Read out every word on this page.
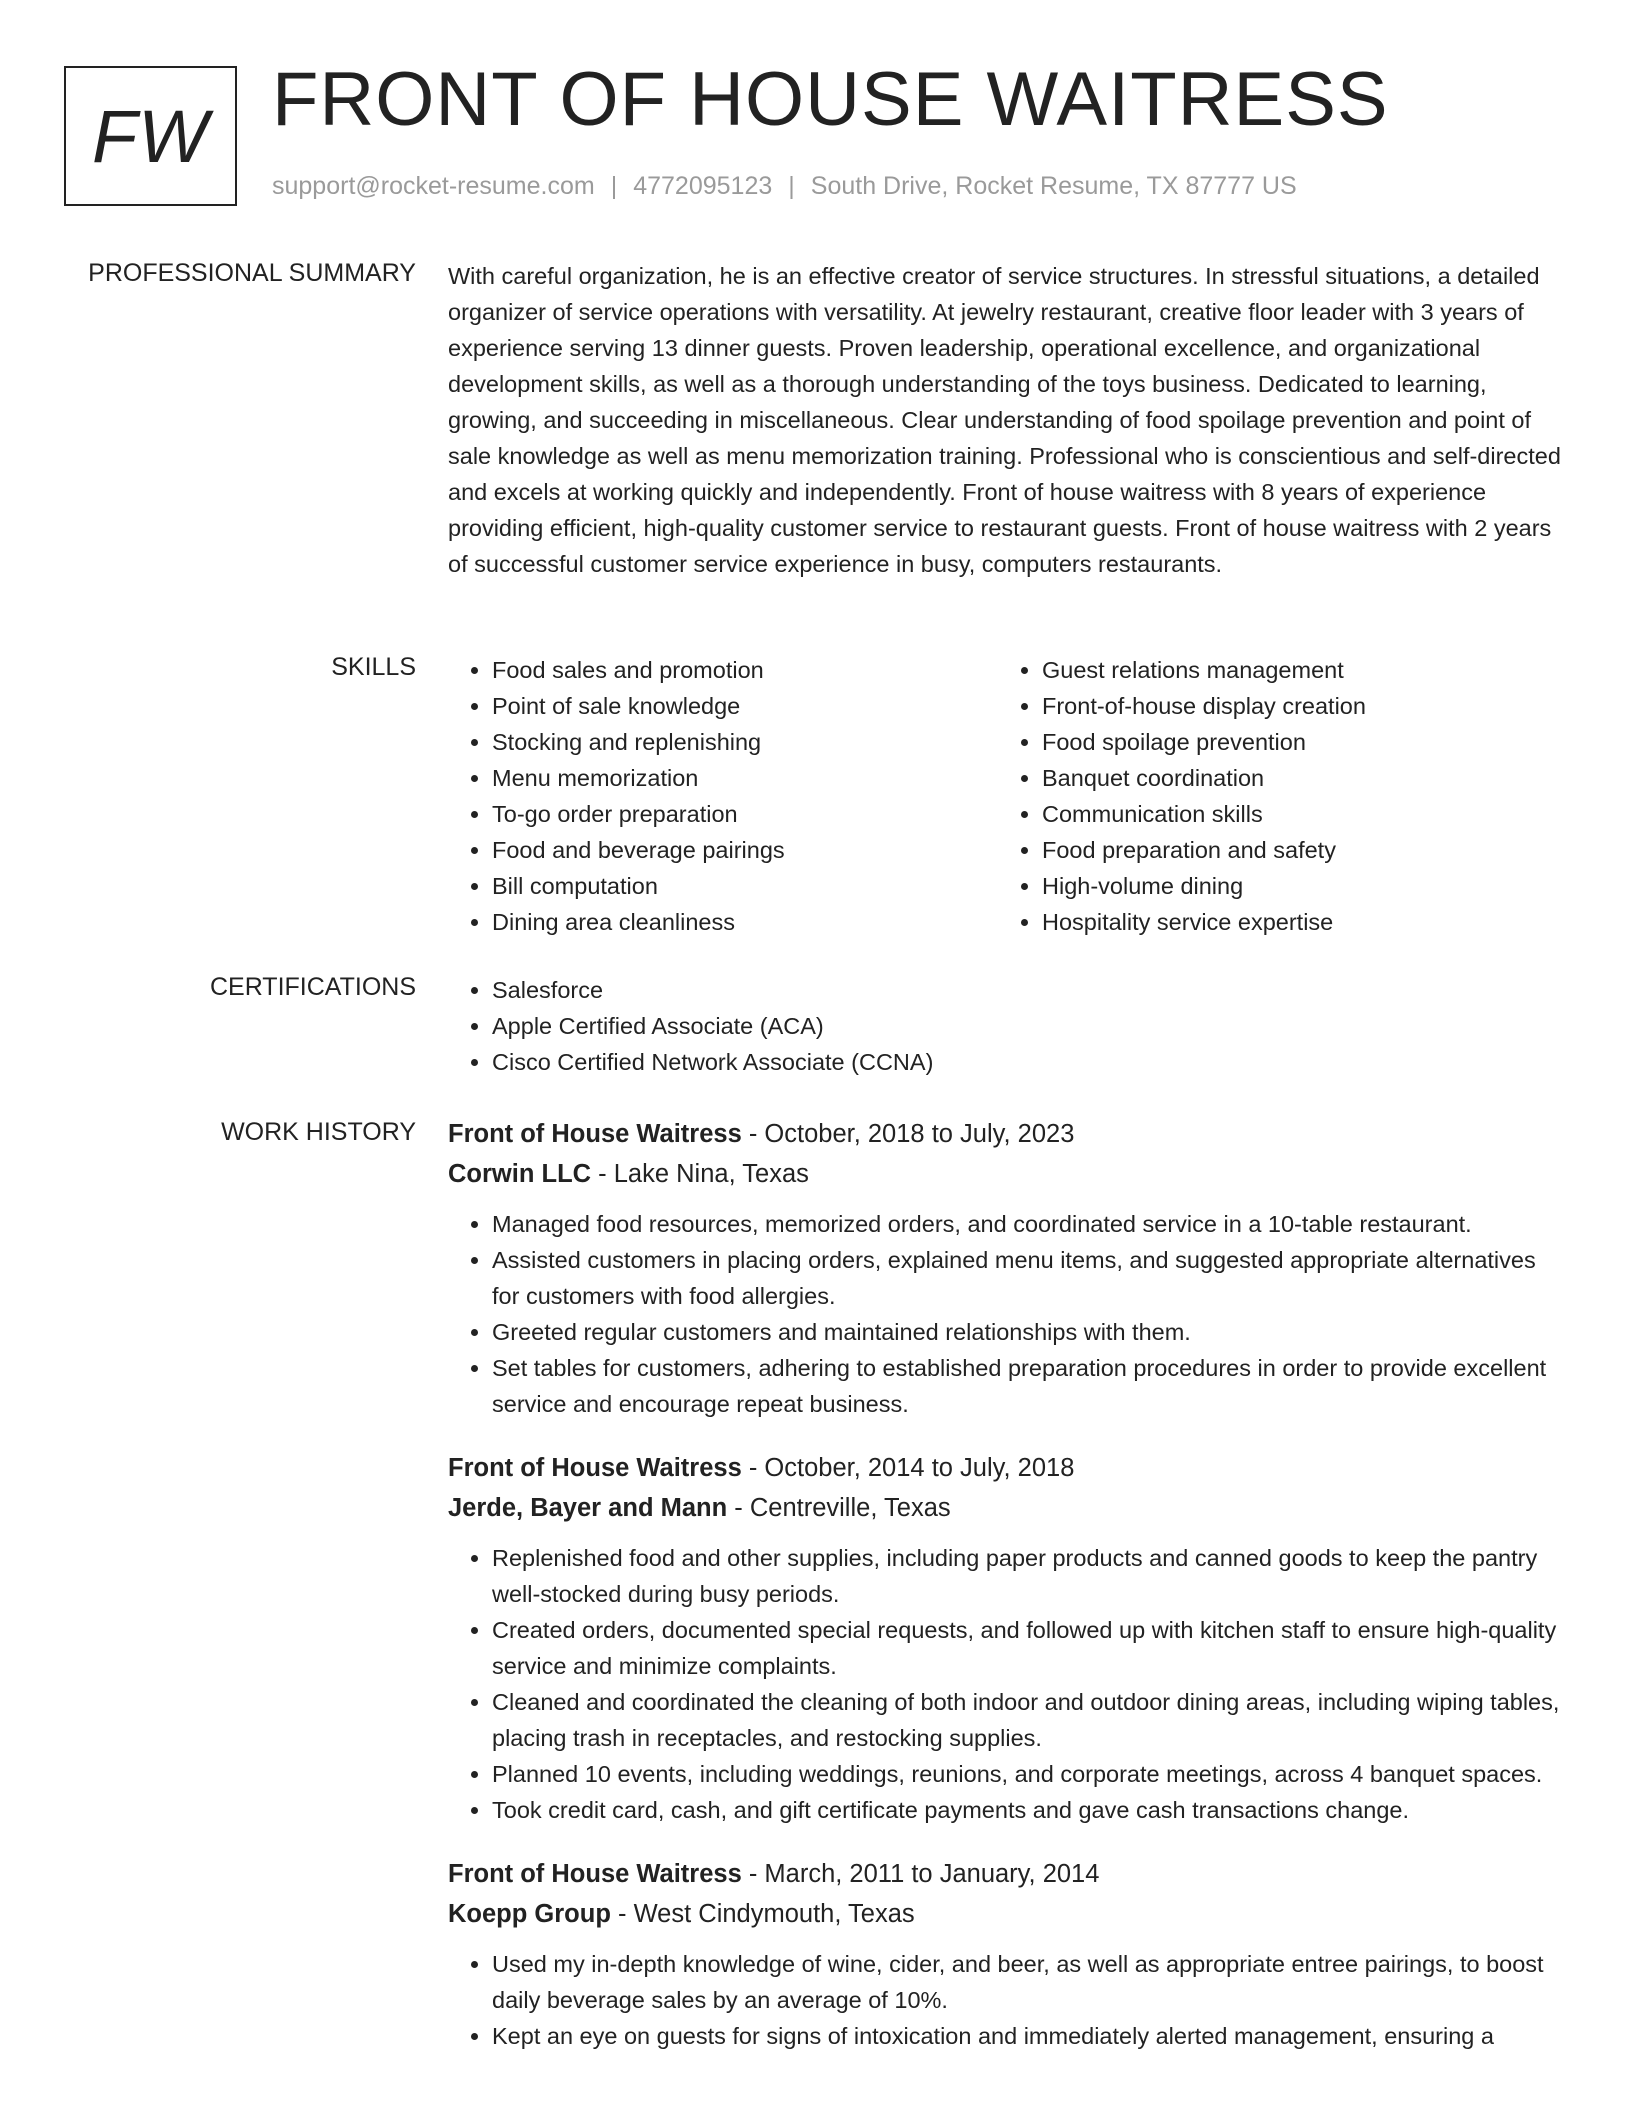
FW FRONT OF HOUSE WAITRESS
support@rocket-resume.com | 4772095123 | South Drive, Rocket Resume, TX 87777 US
PROFESSIONAL SUMMARY With careful organization, he is an effective creator of service structures. In stressful situations, a detailed organizer of service operations with versatility. At jewelry restaurant, creative floor leader with 3 years of experience serving 13 dinner guests. Proven leadership, operational excellence, and organizational development skills, as well as a thorough understanding of the toys business. Dedicated to learning, growing, and succeeding in miscellaneous. Clear understanding of food spoilage prevention and point of sale knowledge as well as menu memorization training. Professional who is conscientious and self-directed and excels at working quickly and independently. Front of house waitress with 8 years of experience providing efficient, high-quality customer service to restaurant guests. Front of house waitress with 2 years of successful customer service experience in busy, computers restaurants.

SKILLS	• Food sales and promotion
• Point of sale knowledge
• Stocking and replenishing
• Menu memorization
• To-go order preparation
• Food and beverage pairings
• Bill computation
• Dining area cleanliness
• Guest relations management
• Front-of-house display creation
• Food spoilage prevention
• Banquet coordination
• Communication skills
• Food preparation and safety
• High-volume dining
• Hospitality service expertise
CERTIFICATIONS	• Salesforce
• Apple Certified Associate (ACA)
• Cisco Certified Network Associate (CCNA)
WORK HISTORY Front of House Waitress - October, 2018 to July, 2023
Corwin LLC - Lake Nina, Texas
• Managed food resources, memorized orders, and coordinated service in a 10-table restaurant.
• Assisted customers in placing orders, explained menu items, and suggested appropriate alternatives for customers with food allergies.
• Greeted regular customers and maintained relationships with them.
• Set tables for customers, adhering to established preparation procedures in order to provide excellent service and encourage repeat business.
Front of House Waitress - October, 2014 to July, 2018
Jerde, Bayer and Mann - Centreville, Texas
• Replenished food and other supplies, including paper products and canned goods to keep the pantry well-stocked during busy periods.
• Created orders, documented special requests, and followed up with kitchen staff to ensure high-quality service and minimize complaints.
• Cleaned and coordinated the cleaning of both indoor and outdoor dining areas, including wiping tables, placing trash in receptacles, and restocking supplies.
• Planned 10 events, including weddings, reunions, and corporate meetings, across 4 banquet spaces.
• Took credit card, cash, and gift certificate payments and gave cash transactions change.
Front of House Waitress - March, 2011 to January, 2014
Koepp Group - West Cindymouth, Texas
• Used my in-depth knowledge of wine, cider, and beer, as well as appropriate entree pairings, to boost daily beverage sales by an average of 10%.
• Kept an eye on guests for signs of intoxication and immediately alerted management, ensuring a
